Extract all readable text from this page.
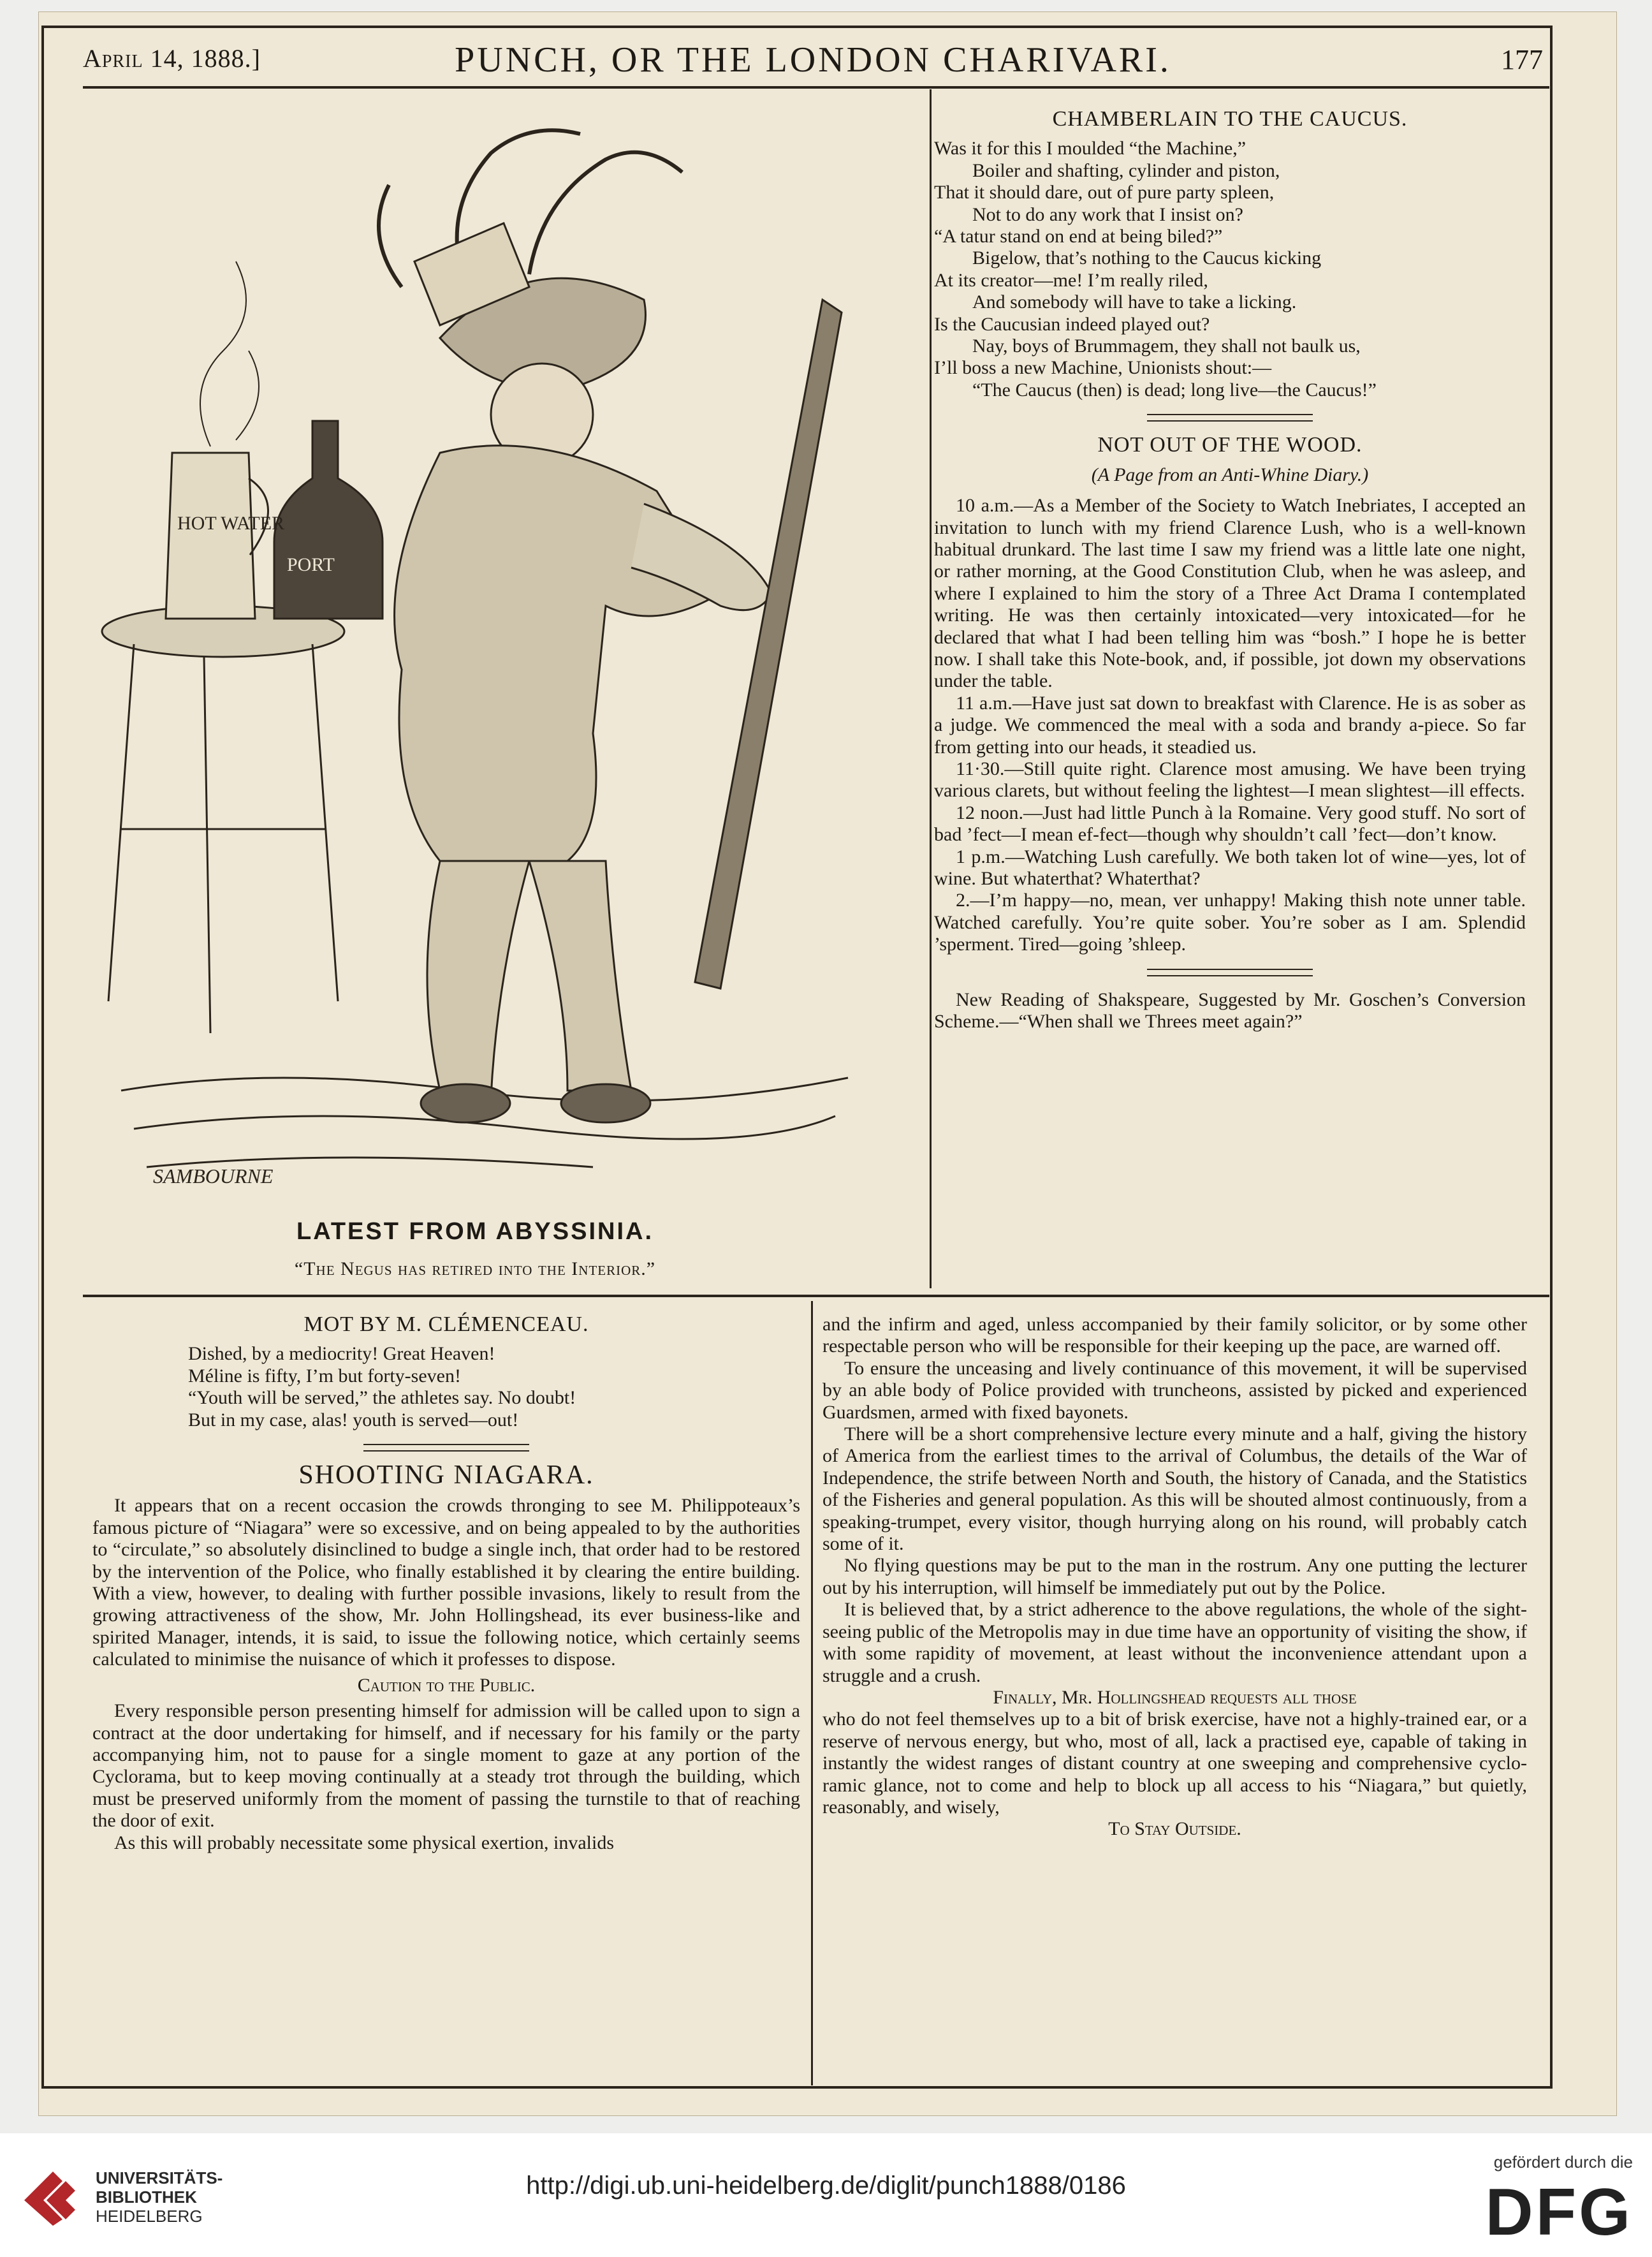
April 14, 1888.]	PUNCH, OR THE LONDON CHARIVARI.	177
HOT WATER
PORT
SAMBOURNE
LATEST FROM ABYSSINIA.
“The Negus has retired into the Interior.”
CHAMBERLAIN TO THE CAUCUS.

Was it for this I moulded “the Machine,”

Boiler and shafting, cylinder and piston,

That it should dare, out of pure party spleen,

Not to do any work that I insist on?

“A tatur stand on end at being biled?”

Bigelow, that’s nothing to the Caucus kicking

At its creator—me! I’m really riled,

And somebody will have to take a licking.

Is the Caucusian indeed played out?

Nay, boys of Brummagem, they shall not baulk us,

I’ll boss a new Machine, Unionists shout:—

“The Caucus (then) is dead; long live—the Caucus!”

NOT OUT OF THE WOOD.
(A Page from an Anti-Whine Diary.)

10 a.m.—As a Member of the Society to Watch Inebriates, I accepted an invitation to lunch with my friend Clarence Lush, who is a well-known habitual drunkard. The last time I saw my friend was a little late one night, or rather morning, at the Good Constitution Club, when he was asleep, and where I explained to him the story of a Three Act Drama I contemplated writing. He was then certainly intoxicated—very intoxicated—for he declared that what I had been telling him was “bosh.” I hope he is better now. I shall take this Note-book, and, if possible, jot down my observations under the table.

11 a.m.—Have just sat down to breakfast with Clarence. He is as sober as a judge. We commenced the meal with a soda and brandy a-piece. So far from getting into our heads, it steadied us.

11·30.—Still quite right. Clarence most amusing. We have been trying various clarets, but without feeling the lightest—I mean slightest—ill effects.

12 noon.—Just had little Punch à la Romaine. Very good stuff. No sort of bad ’fect—I mean ef-fect—though why shouldn’t call ’fect—don’t know.

1 p.m.—Watching Lush carefully. We both taken lot of wine—yes, lot of wine. But whaterthat? Whaterthat?

2.—I’m happy—no, mean, ver unhappy! Making thish note unner table. Watched carefully. You’re quite sober. You’re sober as I am. Splendid ’sperment. Tired—going ’shleep.

New Reading of Shakspeare, Suggested by Mr. Goschen’s Conversion Scheme.—“When shall we Threes meet again?”

MOT BY M. CLÉMENCEAU.

Dished, by a mediocrity! Great Heaven!

Méline is fifty, I’m but forty-seven!

“Youth will be served,” the athletes say. No doubt!

But in my case, alas! youth is served—out!

SHOOTING NIAGARA.

It appears that on a recent occasion the crowds thronging to see M. Philippoteaux’s famous picture of “Niagara” were so excessive, and on being appealed to by the authorities to “circulate,” so absolutely disinclined to budge a single inch, that order had to be restored by the intervention of the Police, who finally established it by clearing the entire building. With a view, however, to dealing with further possible invasions, likely to result from the growing attractiveness of the show, Mr. John Hollingshead, its ever business-like and spirited Manager, intends, it is said, to issue the following notice, which certainly seems calculated to minimise the nuisance of which it professes to dispose.

Caution to the Public.

Every responsible person presenting himself for admission will be called upon to sign a contract at the door undertaking for himself, and if necessary for his family or the party accompanying him, not to pause for a single moment to gaze at any portion of the Cyclorama, but to keep moving continually at a steady trot through the building, which must be preserved uniformly from the moment of passing the turnstile to that of reaching the door of exit.

As this will probably necessitate some physical exertion, invalids

and the infirm and aged, unless accompanied by their family solicitor, or by some other respectable person who will be responsible for their keeping up the pace, are warned off.

To ensure the unceasing and lively continuance of this movement, it will be supervised by an able body of Police provided with truncheons, assisted by picked and experienced Guardsmen, armed with fixed bayonets.

There will be a short comprehensive lecture every minute and a half, giving the history of America from the earliest times to the arrival of Columbus, the details of the War of Independence, the strife between North and South, the history of Canada, and the Statistics of the Fisheries and general population. As this will be shouted almost continuously, from a speaking-trumpet, every visitor, though hurrying along on his round, will probably catch some of it.

No flying questions may be put to the man in the rostrum. Any one putting the lecturer out by his interruption, will himself be immediately put out by the Police.

It is believed that, by a strict adherence to the above regulations, the whole of the sight-seeing public of the Metropolis may in due time have an opportunity of visiting the show, if with some rapidity of movement, at least without the inconvenience attendant upon a struggle and a crush.

Finally, Mr. Hollingshead requests all those

who do not feel themselves up to a bit of brisk exercise, have not a highly-trained ear, or a reserve of nervous energy, but who, most of all, lack a practised eye, capable of taking in instantly the widest ranges of distant country at one sweeping and comprehensive cyclo-ramic glance, not to come and help to block up all access to his “Niagara,” but quietly, reasonably, and wisely,

To Stay Outside.

UNIVERSITÄTS-
BIBLIOTHEK
HEIDELBERG
http://digi.ub.uni-heidelberg.de/diglit/punch1888/0186
gefördert durch die
DFG
